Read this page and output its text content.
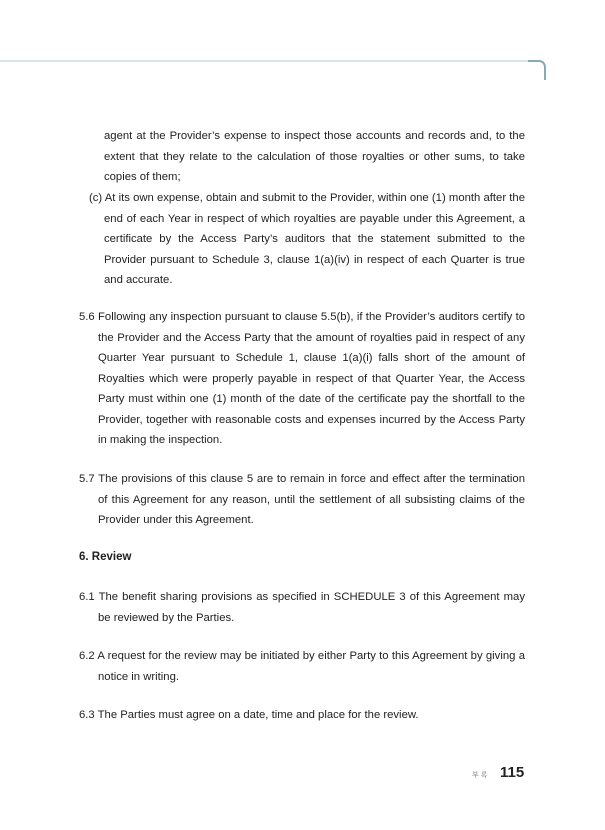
agent at the Provider’s expense to inspect those accounts and records and, to the extent that they relate to the calculation of those royalties or other sums, to take copies of them;

(c) At its own expense, obtain and submit to the Provider, within one (1) month after the end of each Year in respect of which royalties are payable under this Agreement, a certificate by the Access Party’s auditors that the statement submitted to the Provider pursuant to Schedule 3, clause 1(a)(iv) in respect of each Quarter is true and accurate.

5.6 Following any inspection pursuant to clause 5.5(b), if the Provider’s auditors certify to the Provider and the Access Party that the amount of royalties paid in respect of any Quarter Year pursuant to Schedule 1, clause 1(a)(i) falls short of the amount of Royalties which were properly payable in respect of that Quarter Year, the Access Party must within one (1) month of the date of the certificate pay the shortfall to the Provider, together with reasonable costs and expenses incurred by the Access Party in making the inspection.

5.7 The provisions of this clause 5 are to remain in force and effect after the termination of this Agreement for any reason, until the settlement of all subsisting claims of the Provider under this Agreement.

6. Review

6.1 The benefit sharing provisions as specified in SCHEDULE 3 of this Agreement may be reviewed by the Parties.

6.2 A request for the review may be initiated by either Party to this Agreement by giving a notice in writing.

6.3 The Parties must agree on a date, time and place for the review.

부록 115
